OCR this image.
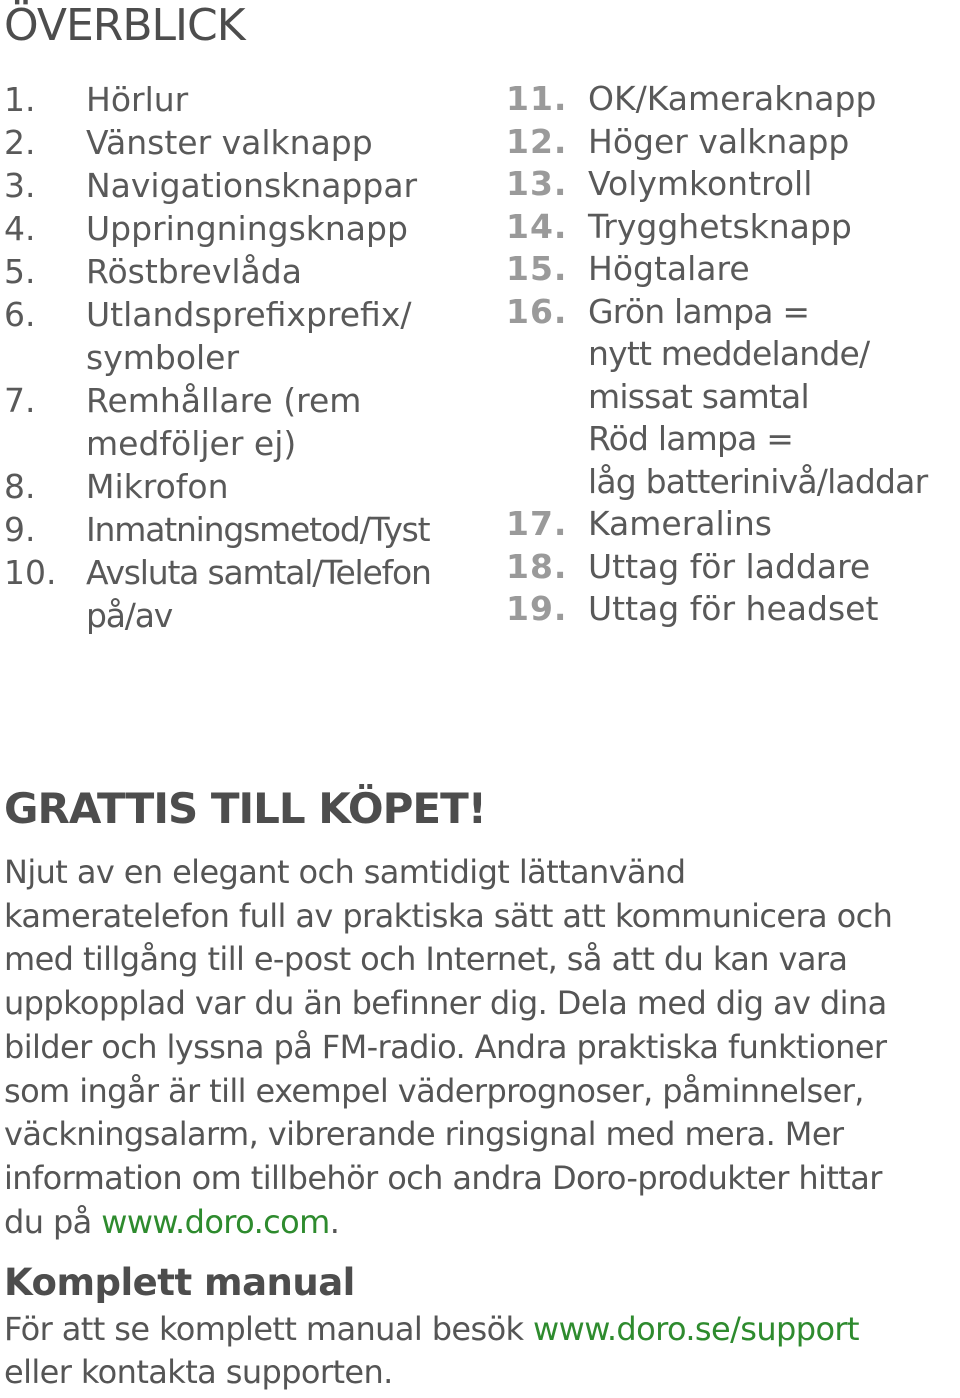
ÖVERBLICK
1. Hörlur
2. Vänster valknapp
3. Navigationsknappar
4. Uppringningsknapp
5. Röstbrevlåda
6. Utlandsprefixprefix/
symboler
7. Remhållare (rem
medföljer ej)
8. Mikrofon
9. Inmatningsmetod/Tyst
10. Avsluta samtal/Telefon
på/av
11. OK/Kameraknapp
12. Höger valknapp
13. Volymkontroll
14. Trygghetsknapp
15. Högtalare
16. Grön lampa =
nytt meddelande/
missat samtal
Röd lampa =
låg batterinivå/laddar
17. Kameralins
18. Uttag för laddare
19. Uttag för headset
GRATTIS TILL KÖPET!

Njut av en elegant och samtidigt lättanvänd
kameratelefon full av praktiska sätt att kommunicera och
med tillgång till e-post och Internet, så att du kan vara
uppkopplad var du än befinner dig. Dela med dig av dina
bilder och lyssna på FM-radio. Andra praktiska funktioner
som ingår är till exempel väderprognoser, påminnelser,
väckningsalarm, vibrerande ringsignal med mera. Mer
information om tillbehör och andra Doro-produkter hittar
du på www.doro.com.

Komplett manual

För att se komplett manual besök www.doro.se/support
eller kontakta supporten.
